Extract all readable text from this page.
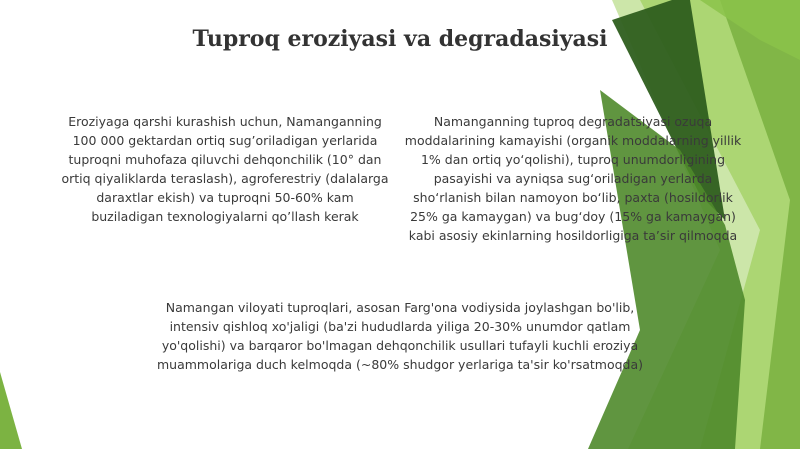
Tuproq eroziyasi va degradasiyasi

Eroziyaga qarshi kurashish uchun, Namanganning 100 000 gektardan ortiq sug’oriladigan yerlarida tuproqni muhofaza qiluvchi dehqonchilik (10° dan ortiq qiyaliklarda teraslash), agroferestriy (dalalarga daraxtlar ekish) va tuproqni 50-60% kam buziladigan texnologiyalarni qo’llash kerak

Namanganning tuproq degradatsiyasi ozuqa moddalarining kamayishi (organik moddalarning yillik 1% dan ortiq yo‘qolishi), tuproq unumdorligining pasayishi va ayniqsa sug‘oriladigan yerlarda sho‘rlanish bilan namoyon bo‘lib, paxta (hosildorlik 25% ga kamaygan) va bug‘doy (15% ga kamaygan) kabi asosiy ekinlarning hosildorligiga ta’sir qilmoqda

Namangan viloyati tuproqlari, asosan Farg'ona vodiysida joylashgan bo'lib, intensiv qishloq xo'jaligi (ba'zi hududlarda yiliga 20-30% unumdor qatlam yo'qolishi) va barqaror bo'lmagan dehqonchilik usullari tufayli kuchli eroziya muammolariga duch kelmoqda (~80% shudgor yerlariga ta'sir ko'rsatmoqda)
